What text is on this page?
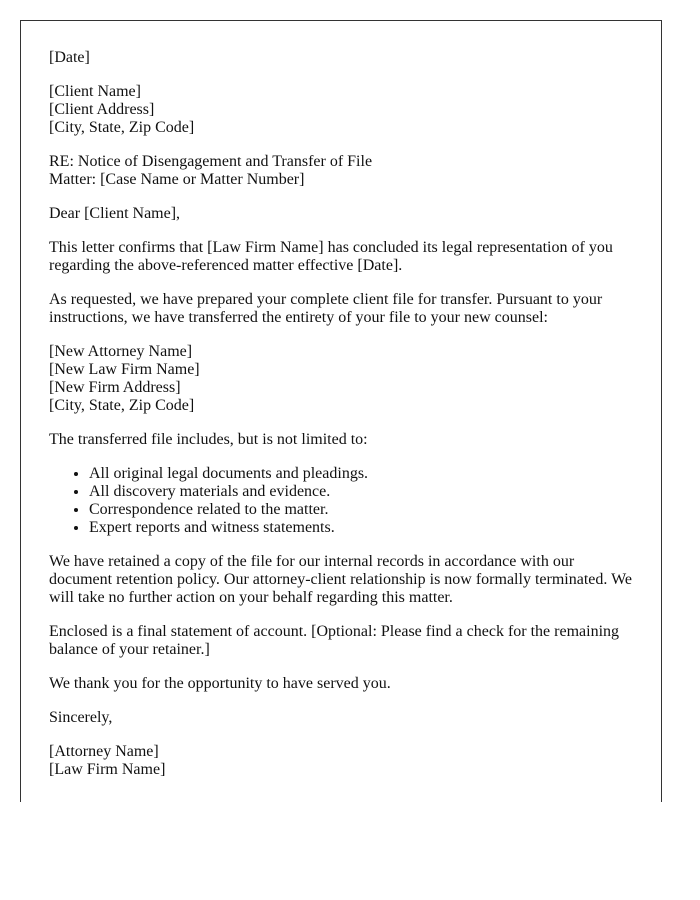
[Date]

[Client Name]
[Client Address]
[City, State, Zip Code]

RE: Notice of Disengagement and Transfer of File
Matter: [Case Name or Matter Number]

Dear [Client Name],

This letter confirms that [Law Firm Name] has concluded its legal representation of you regarding the above-referenced matter effective [Date].

As requested, we have prepared your complete client file for transfer. Pursuant to your instructions, we have transferred the entirety of your file to your new counsel:

[New Attorney Name]
[New Law Firm Name]
[New Firm Address]
[City, State, Zip Code]

The transferred file includes, but is not limited to:

• All original legal documents and pleadings.
• All discovery materials and evidence.
• Correspondence related to the matter.
• Expert reports and witness statements.

We have retained a copy of the file for our internal records in accordance with our document retention policy. Our attorney-client relationship is now formally terminated. We will take no further action on your behalf regarding this matter.

Enclosed is a final statement of account. [Optional: Please find a check for the remaining balance of your retainer.]

We thank you for the opportunity to have served you.

Sincerely,

[Attorney Name]
[Law Firm Name]
